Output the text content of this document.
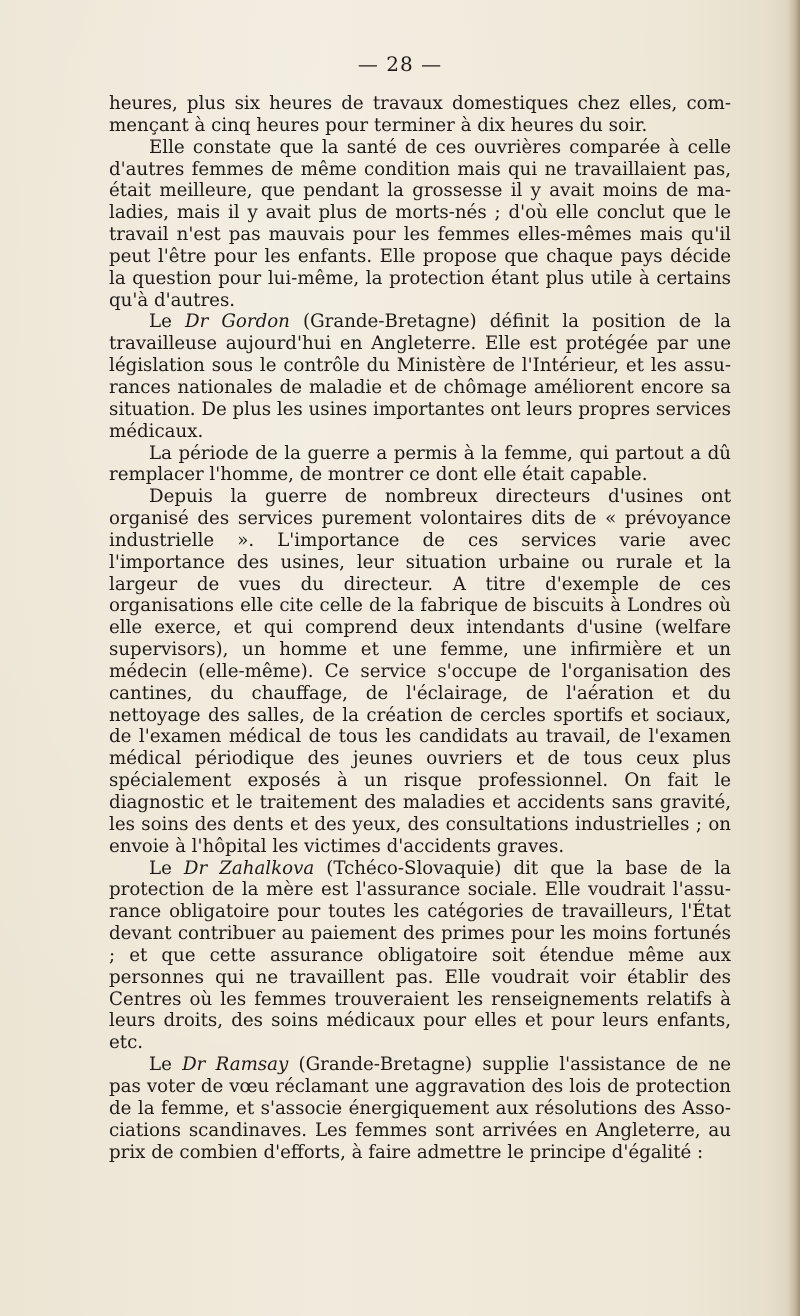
— 28 —

heures, plus six heures de travaux domestiques chez elles, commençant à cinq heures pour terminer à dix heures du soir.

Elle constate que la santé de ces ouvrières comparée à celle d'autres femmes de même condition mais qui ne travaillaient pas, était meilleure, que pendant la grossesse il y avait moins de maladies, mais il y avait plus de morts-nés ; d'où elle conclut que le travail n'est pas mauvais pour les femmes elles-mêmes mais qu'il peut l'être pour les enfants. Elle propose que chaque pays décide la question pour lui-même, la protection étant plus utile à certains qu'à d'autres.

Le Dr Gordon (Grande-Bretagne) définit la position de la travailleuse aujourd'hui en Angleterre. Elle est protégée par une législation sous le contrôle du Ministère de l'Intérieur, et les assurances nationales de maladie et de chômage améliorent encore sa situation. De plus les usines importantes ont leurs propres services médicaux.

La période de la guerre a permis à la femme, qui partout a dû remplacer l'homme, de montrer ce dont elle était capable.

Depuis la guerre de nombreux directeurs d'usines ont organisé des services purement volontaires dits de « prévoyance industrielle ». L'importance de ces services varie avec l'importance des usines, leur situation urbaine ou rurale et la largeur de vues du directeur. A titre d'exemple de ces organisations elle cite celle de la fabrique de biscuits à Londres où elle exerce, et qui comprend deux intendants d'usine (welfare supervisors), un homme et une femme, une infirmière et un médecin (elle-même). Ce service s'occupe de l'organisation des cantines, du chauffage, de l'éclairage, de l'aération et du nettoyage des salles, de la création de cercles sportifs et sociaux, de l'examen médical de tous les candidats au travail, de l'examen médical périodique des jeunes ouvriers et de tous ceux plus spécialement exposés à un risque professionnel. On fait le diagnostic et le traitement des maladies et accidents sans gravité, les soins des dents et des yeux, des consultations industrielles ; on envoie à l'hôpital les victimes d'accidents graves.

Le Dr Zahalkova (Tchéco-Slovaquie) dit que la base de la protection de la mère est l'assurance sociale. Elle voudrait l'assurance obligatoire pour toutes les catégories de travailleurs, l'État devant contribuer au paiement des primes pour les moins fortunés ; et que cette assurance obligatoire soit étendue même aux personnes qui ne travaillent pas. Elle voudrait voir établir des Centres où les femmes trouveraient les renseignements relatifs à leurs droits, des soins médicaux pour elles et pour leurs enfants, etc.

Le Dr Ramsay (Grande-Bretagne) supplie l'assistance de ne pas voter de vœu réclamant une aggravation des lois de protection de la femme, et s'associe énergiquement aux résolutions des Associations scandinaves. Les femmes sont arrivées en Angleterre, au prix de combien d'efforts, à faire admettre le principe d'égalité :
